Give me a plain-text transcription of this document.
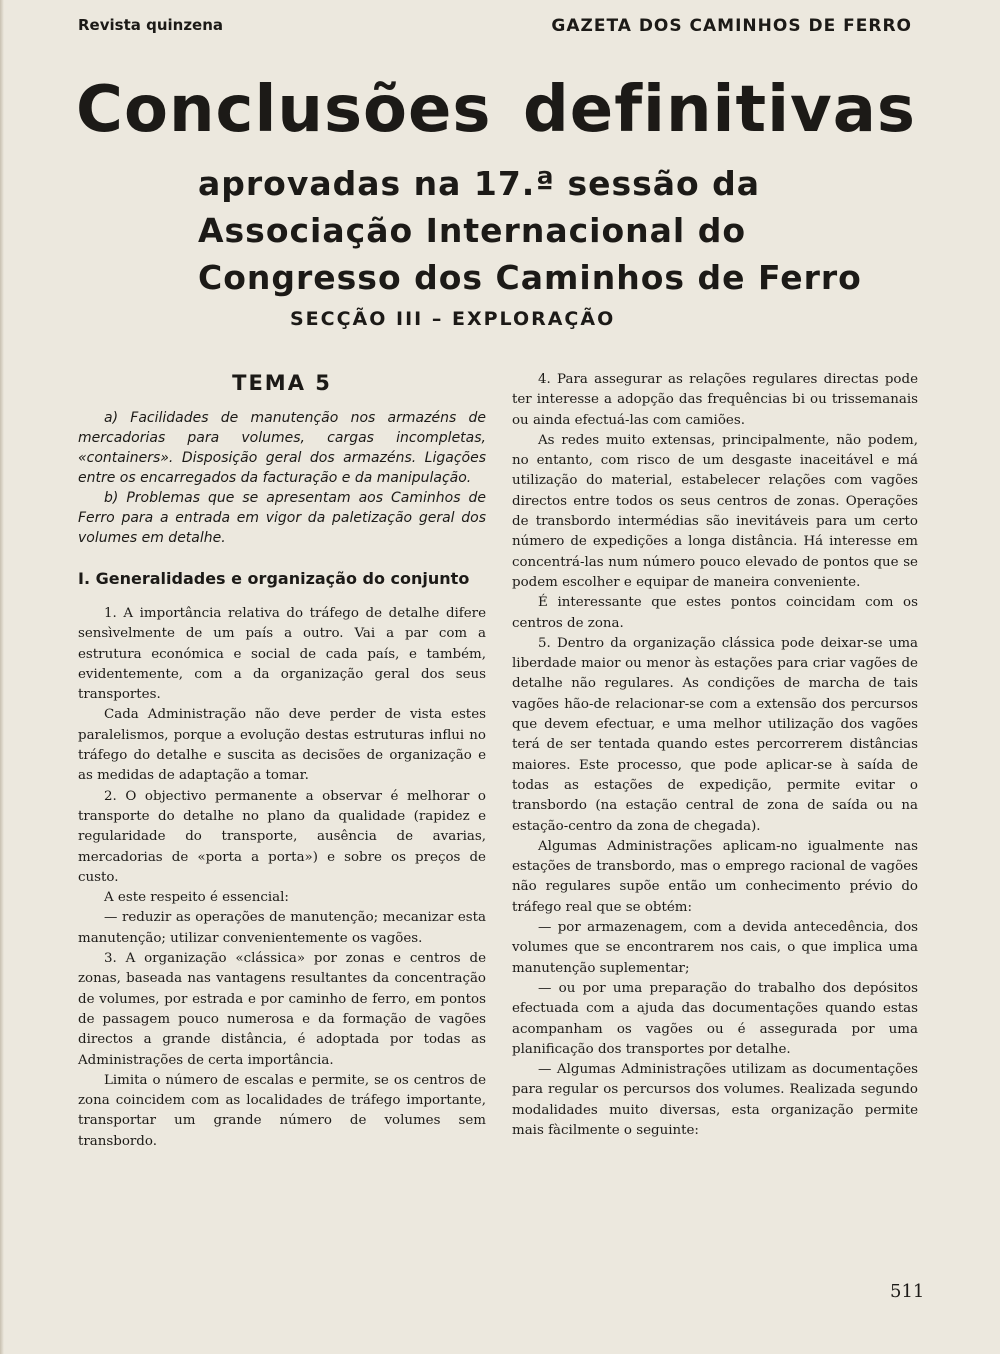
Revista quinzena	GAZETA DOS CAMINHOS DE FERRO
Conclusões definitivas
aprovadas na 17.ª sessão da Associação Internacional do Congresso dos Caminhos de Ferro
SECÇÃO III – EXPLORAÇÃO
TEMA 5

a) Facilidades de manutenção nos armazéns de mercadorias para volumes, cargas incompletas, «containers». Disposição geral dos armazéns. Ligações entre os encarregados da facturação e da manipulação.

b) Problemas que se apresentam aos Caminhos de Ferro para a entrada em vigor da paletização geral dos volumes em detalhe.

I. Generalidades e organização do conjunto

1. A importância relativa do tráfego de detalhe difere sensìvelmente de um país a outro. Vai a par com a estrutura económica e social de cada país, e também, evidentemente, com a da organização geral dos seus transportes.

Cada Administração não deve perder de vista estes paralelismos, porque a evolução destas estruturas influi no tráfego do detalhe e suscita as decisões de organização e as medidas de adaptação a tomar.

2. O objectivo permanente a observar é melhorar o transporte do detalhe no plano da qualidade (rapidez e regularidade do transporte, ausência de avarias, mercadorias de «porta a porta») e sobre os preços de custo.

A este respeito é essencial:

— reduzir as operações de manutenção; mecanizar esta manutenção; utilizar convenientemente os vagões.

3. A organização «clássica» por zonas e centros de zonas, baseada nas vantagens resultantes da concentração de volumes, por estrada e por caminho de ferro, em pontos de passagem pouco numerosa e da formação de vagões directos a grande distância, é adoptada por todas as Administrações de certa importância.

Limita o número de escalas e permite, se os centros de zona coincidem com as localidades de tráfego importante, transportar um grande número de volumes sem transbordo.

4. Para assegurar as relações regulares directas pode ter interesse a adopção das frequências bi ou trissemanais ou ainda efectuá-las com camiões.

As redes muito extensas, principalmente, não podem, no entanto, com risco de um desgaste inaceitável e má utilização do material, estabelecer relações com vagões directos entre todos os seus centros de zonas. Operações de transbordo intermédias são inevitáveis para um certo número de expedições a longa distância. Há interesse em concentrá-las num número pouco elevado de pontos que se podem escolher e equipar de maneira conveniente.

É interessante que estes pontos coincidam com os centros de zona.

5. Dentro da organização clássica pode deixar-se uma liberdade maior ou menor às estações para criar vagões de detalhe não regulares. As condições de marcha de tais vagões hão-de relacionar-se com a extensão dos percursos que devem efectuar, e uma melhor utilização dos vagões terá de ser tentada quando estes percorrerem distâncias maiores. Este processo, que pode aplicar-se à saída de todas as estações de expedição, permite evitar o transbordo (na estação central de zona de saída ou na estação-centro da zona de chegada).

Algumas Administrações aplicam-no igualmente nas estações de transbordo, mas o emprego racional de vagões não regulares supõe então um conhecimento prévio do tráfego real que se obtém:

— por armazenagem, com a devida antecedência, dos volumes que se encontrarem nos cais, o que implica uma manutenção suplementar;

— ou por uma preparação do trabalho dos depósitos efectuada com a ajuda das documentações quando estas acompanham os vagões ou é assegurada por uma planificação dos transportes por detalhe.

— Algumas Administrações utilizam as documentações para regular os percursos dos volumes. Realizada segundo modalidades muito diversas, esta organização permite mais fàcilmente o seguinte:

511
